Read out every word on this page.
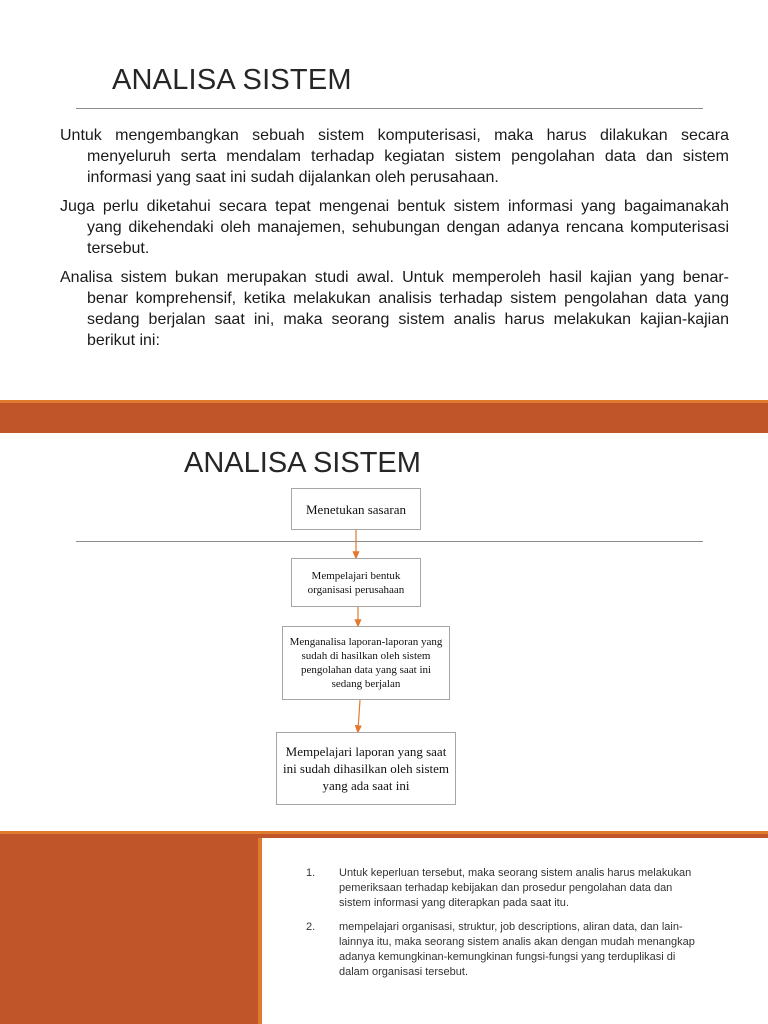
ANALISA SISTEM

Untuk mengembangkan sebuah sistem komputerisasi, maka harus dilakukan secara menyeluruh serta mendalam terhadap kegiatan sistem pengolahan data dan sistem informasi yang saat ini sudah dijalankan oleh perusahaan.

Juga perlu diketahui secara tepat mengenai bentuk sistem informasi yang bagaimanakah yang dikehendaki oleh manajemen, sehubungan dengan adanya rencana komputerisasi tersebut.

Analisa sistem bukan merupakan studi awal. Untuk memperoleh hasil kajian yang benar-benar komprehensif, ketika melakukan analisis terhadap sistem pengolahan data yang sedang berjalan saat ini, maka seorang sistem analis harus melakukan kajian-kajian berikut ini:

ANALISA SISTEM
Menetukan sasaran
Mempelajari bentuk organisasi perusahaan
Menganalisa laporan-laporan yang sudah di hasilkan oleh sistem pengolahan data yang saat ini sedang berjalan
Mempelajari laporan yang saat ini sudah dihasilkan oleh sistem yang ada saat ini
1. Untuk keperluan tersebut, maka seorang sistem analis harus melakukan pemeriksaan terhadap kebijakan dan prosedur pengolahan data dan sistem informasi yang diterapkan pada saat itu.
2. mempelajari organisasi, struktur, job descriptions, aliran data, dan lain-lainnya itu, maka seorang sistem analis akan dengan mudah menangkap adanya kemungkinan-kemungkinan fungsi-fungsi yang terduplikasi di dalam organisasi tersebut.
